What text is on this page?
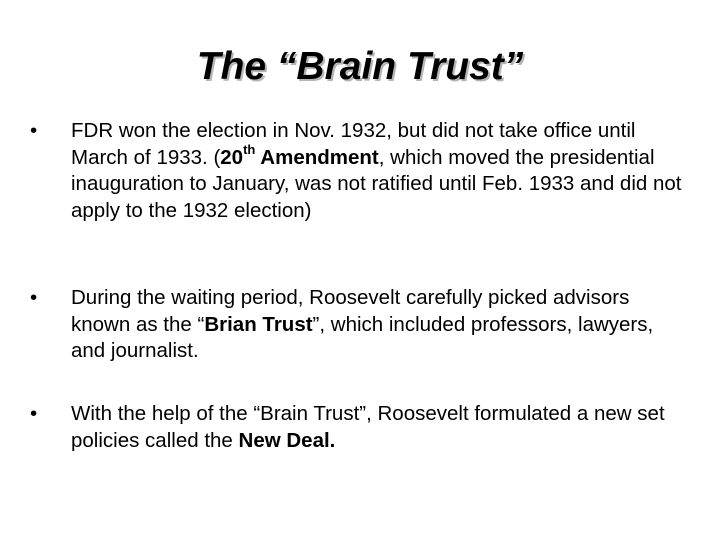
The “Brain Trust”
•	FDR won the election in Nov. 1932, but did not take office until March of 1933. (20th Amendment, which moved the presidential inauguration to January, was not ratified until Feb. 1933 and did not apply to the 1932 election)
•	During the waiting period, Roosevelt carefully picked advisors known as the “Brian Trust”, which included professors, lawyers, and journalist.
•	With the help of the “Brain Trust”, Roosevelt formulated a new set policies called the New Deal.
